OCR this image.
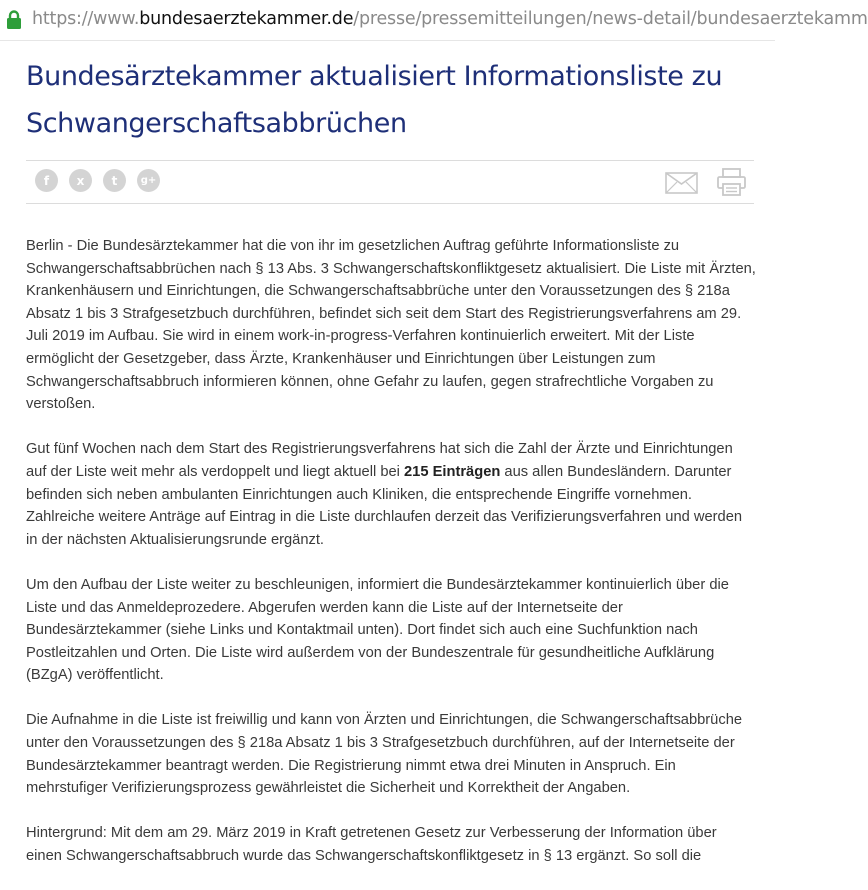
https://www.bundesaerztekammer.de/presse/pressemitteilungen/news-detail/bundesaerztekamm
Bundesärztekammer aktualisiert Informationsliste zu
Schwangerschaftsabbrüchen
f x t g+

Berlin - Die Bundesärztekammer hat die von ihr im gesetzlichen Auftrag geführte Informationsliste zu Schwangerschaftsabbrüchen nach § 13 Abs. 3 Schwangerschaftskonfliktgesetz aktualisiert. Die Liste mit Ärzten, Krankenhäusern und Einrichtungen, die Schwangerschaftsabbrüche unter den Voraussetzungen des § 218a Absatz 1 bis 3 Strafgesetzbuch durchführen, befindet sich seit dem Start des Registrierungsverfahrens am 29. Juli 2019 im Aufbau. Sie wird in einem work-in-progress-Verfahren kontinuierlich erweitert. Mit der Liste ermöglicht der Gesetzgeber, dass Ärzte, Krankenhäuser und Einrichtungen über Leistungen zum Schwangerschaftsabbruch informieren können, ohne Gefahr zu laufen, gegen strafrechtliche Vorgaben zu verstoßen.

Gut fünf Wochen nach dem Start des Registrierungsverfahrens hat sich die Zahl der Ärzte und Einrichtungen auf der Liste weit mehr als verdoppelt und liegt aktuell bei 215 Einträgen aus allen Bundesländern. Darunter befinden sich neben ambulanten Einrichtungen auch Kliniken, die entsprechende Eingriffe vornehmen. Zahlreiche weitere Anträge auf Eintrag in die Liste durchlaufen derzeit das Verifizierungsverfahren und werden in der nächsten Aktualisierungsrunde ergänzt.

Um den Aufbau der Liste weiter zu beschleunigen, informiert die Bundesärztekammer kontinuierlich über die Liste und das Anmeldeprozedere. Abgerufen werden kann die Liste auf der Internetseite der Bundesärztekammer (siehe Links und Kontaktmail unten). Dort findet sich auch eine Suchfunktion nach Postleitzahlen und Orten. Die Liste wird außerdem von der Bundeszentrale für gesundheitliche Aufklärung (BZgA) veröffentlicht.

Die Aufnahme in die Liste ist freiwillig und kann von Ärzten und Einrichtungen, die Schwangerschaftsabbrüche unter den Voraussetzungen des § 218a Absatz 1 bis 3 Strafgesetzbuch durchführen, auf der Internetseite der Bundesärztekammer beantragt werden. Die Registrierung nimmt etwa drei Minuten in Anspruch. Ein mehrstufiger Verifizierungsprozess gewährleistet die Sicherheit und Korrektheit der Angaben.

Hintergrund: Mit dem am 29. März 2019 in Kraft getretenen Gesetz zur Verbesserung der Information über einen Schwangerschaftsabbruch wurde das Schwangerschaftskonfliktgesetz in § 13 ergänzt. So soll die
